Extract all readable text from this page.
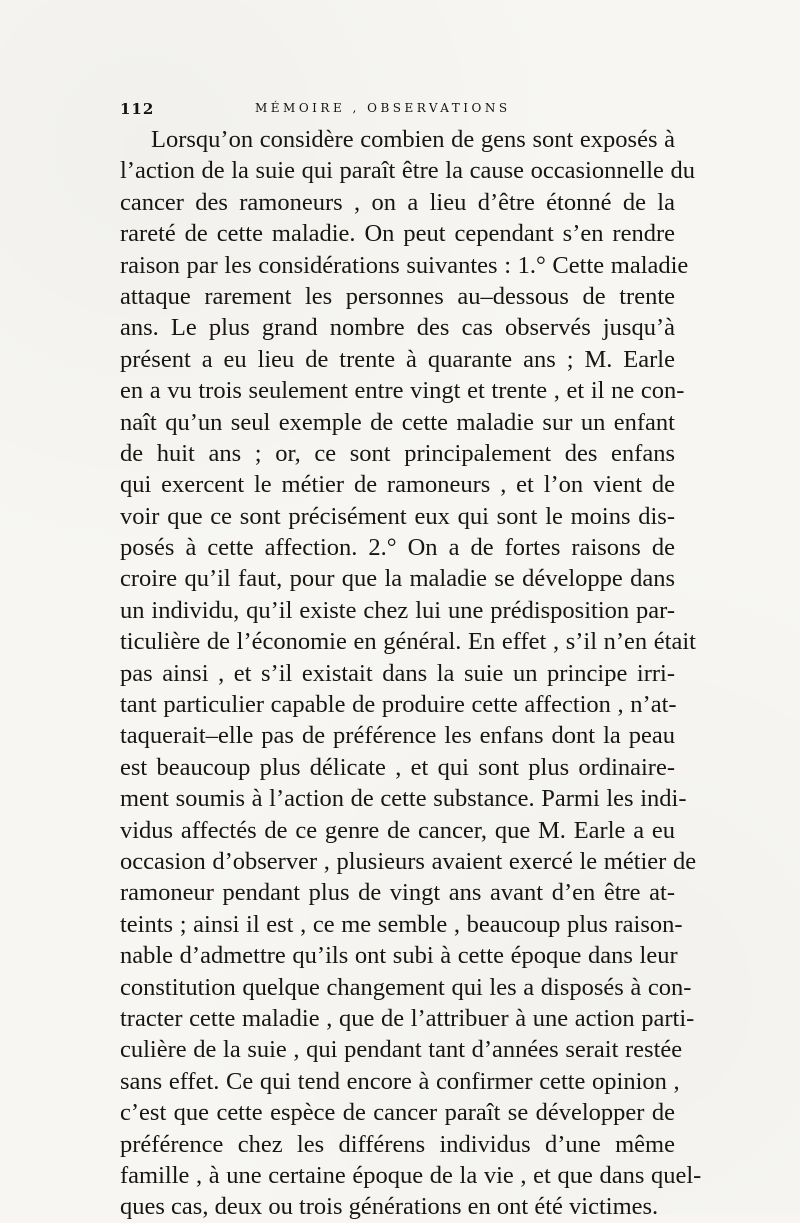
112	MÉMOIRE , OBSERVATIONS
Lorsqu’on considère combien de gens sont exposés à
l’action de la suie qui paraît être la cause occasionnelle du
cancer des ramoneurs , on a lieu d’être étonné de la
rareté de cette maladie. On peut cependant s’en rendre
raison par les considérations suivantes : 1.° Cette maladie
attaque rarement les personnes au–dessous de trente
ans. Le plus grand nombre des cas observés jusqu’à
présent a eu lieu de trente à quarante ans ; M. Earle
en a vu trois seulement entre vingt et trente , et il ne con-
naît qu’un seul exemple de cette maladie sur un enfant
de huit ans ; or, ce sont principalement des enfans
qui exercent le métier de ramoneurs , et l’on vient de
voir que ce sont précisément eux qui sont le moins dis-
posés à cette affection. 2.° On a de fortes raisons de
croire qu’il faut, pour que la maladie se développe dans
un individu, qu’il existe chez lui une prédisposition par-
ticulière de l’économie en général. En effet , s’il n’en était
pas ainsi , et s’il existait dans la suie un principe irri-
tant particulier capable de produire cette affection , n’at-
taquerait–elle pas de préférence les enfans dont la peau
est beaucoup plus délicate , et qui sont plus ordinaire-
ment soumis à l’action de cette substance. Parmi les indi-
vidus affectés de ce genre de cancer, que M. Earle a eu
occasion d’observer , plusieurs avaient exercé le métier de
ramoneur pendant plus de vingt ans avant d’en être at-
teints ; ainsi il est , ce me semble , beaucoup plus raison-
nable d’admettre qu’ils ont subi à cette époque dans leur
constitution quelque changement qui les a disposés à con-
tracter cette maladie , que de l’attribuer à une action parti-
culière de la suie , qui pendant tant d’années serait restée
sans effet. Ce qui tend encore à confirmer cette opinion ,
c’est que cette espèce de cancer paraît se développer de
préférence chez les différens individus d’une même
famille , à une certaine époque de la vie , et que dans quel-
ques cas, deux ou trois générations en ont été victimes.
